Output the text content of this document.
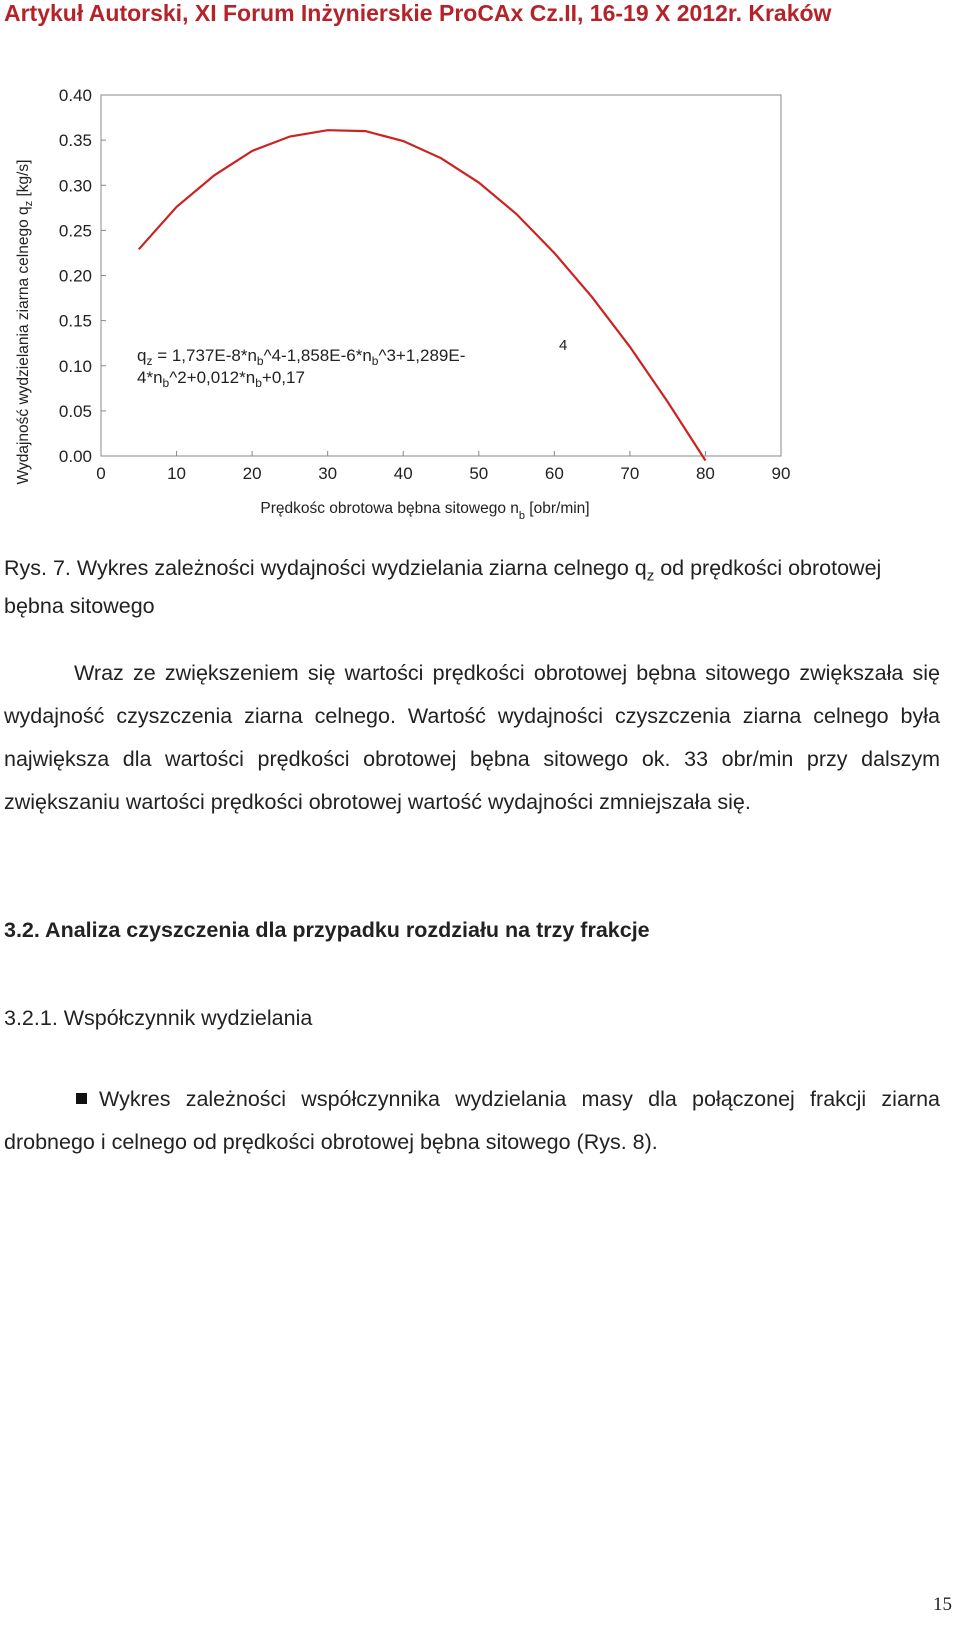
Artykuł Autorski, XI Forum Inżynierskie ProCAx Cz.II, 16-19 X 2012r. Kraków
Wydajność wydzielania ziarna celnego $q_z$ [kg/s]
0.00
0.05
0.10
0.15
0.20
0.25
0.30
0.35
0.40
0	10	20	30	40	50	60	70	80	90
$q_z$ = $1,737E-8*n_b\^{}4-1,858E-6*n_b\^{}3+1,289E-$
$4*n_b\^{}2+0,012*n_b+0,17$
4
Prędkośc obrotowa bębna sitowego $n_b$ [obr/min]
Rys. 7. Wykres zależności wydajności wydzielania ziarna celnego $q_z$ od prędkości obrotowej bębna sitowego
Wraz ze zwiększeniem się wartości prędkości obrotowej bębna sitowego zwiększała się wydajność czyszczenia ziarna celnego. Wartość wydajności czyszczenia ziarna celnego była największa dla wartości prędkości obrotowej bębna sitowego ok. 33 obr/min przy dalszym zwiększaniu wartości prędkości obrotowej wartość wydajności zmniejszała się.
3.2. Analiza czyszczenia dla przypadku rozdziału na trzy frakcje
3.2.1. Współczynnik wydzielania
Wykres zależności współczynnika wydzielania masy dla połączonej frakcji ziarna drobnego i celnego od prędkości obrotowej bębna sitowego (Rys. 8).
15
